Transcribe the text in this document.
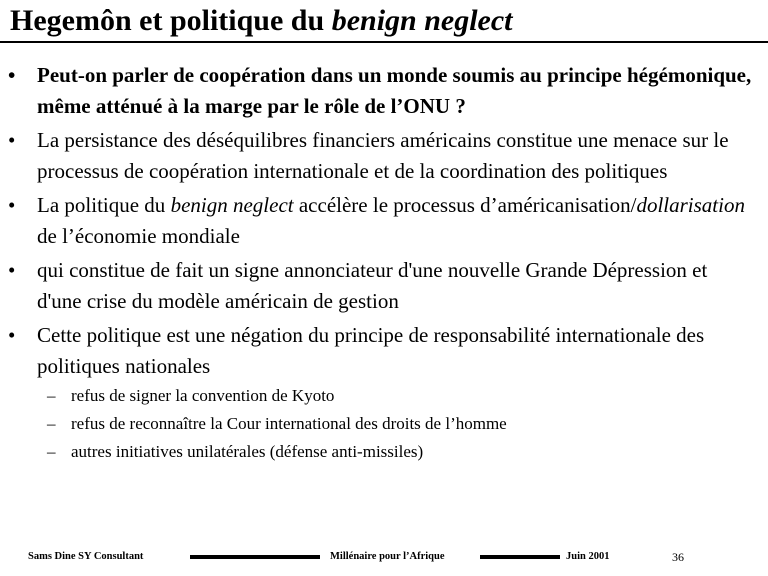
Hegemôn et politique du benign neglect
• Peut-on parler de coopération dans un monde soumis au principe hégémonique, même atténué à la marge par le rôle de l’ONU ?
• La persistance des déséquilibres financiers américains constitue une menace sur le processus de coopération internationale et de la coordination des politiques
• La politique du benign neglect accélère le processus d’américanisation/dollarisation de l’économie mondiale
• qui constitue de fait un signe annonciateur d'une nouvelle Grande Dépression et d'une crise du modèle américain de gestion
• Cette politique est une négation du principe de responsabilité internationale des politiques nationales
– refus de signer la convention de Kyoto
– refus de reconnaître la Cour international des droits de l’homme
– autres initiatives unilatérales (défense anti-missiles)
Sams Dine SY Consultant	Millénaire pour l’Afrique	Juin 2001	36
